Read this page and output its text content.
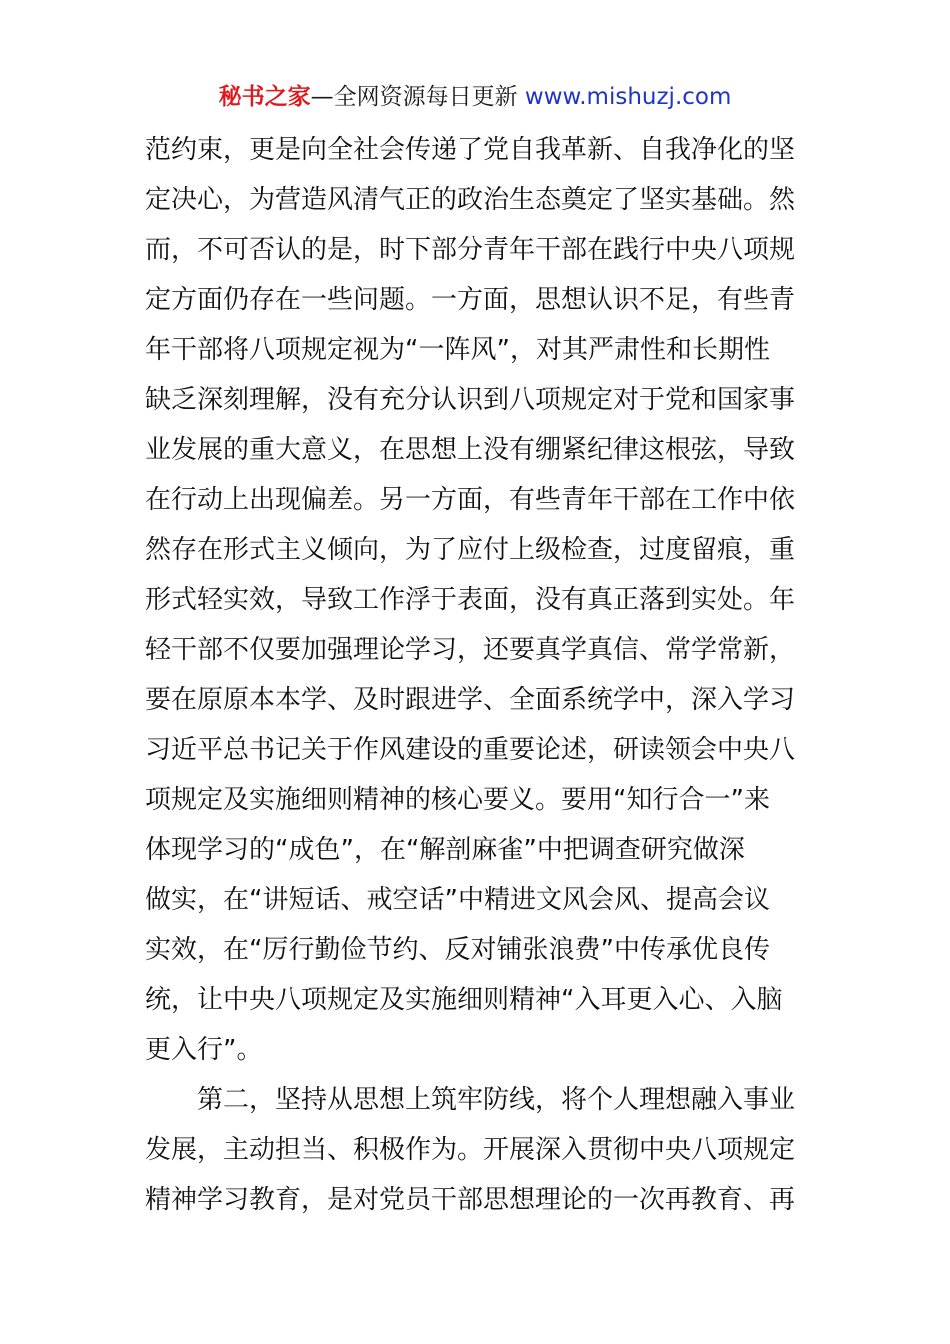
秘书之家—全网资源每日更新 www.mishuzj.com
范约束，更是向全社会传递了党自我革新、自我净化的坚
定决心，为营造风清气正的政治生态奠定了坚实基础。然
而，不可否认的是，时下部分青年干部在践行中央八项规
定方面仍存在一些问题。一方面，思想认识不足，有些青
年干部将八项规定视为“一阵风”，对其严肃性和长期性
缺乏深刻理解，没有充分认识到八项规定对于党和国家事
业发展的重大意义，在思想上没有绷紧纪律这根弦，导致
在行动上出现偏差。另一方面，有些青年干部在工作中依
然存在形式主义倾向，为了应付上级检查，过度留痕，重
形式轻实效，导致工作浮于表面，没有真正落到实处。年
轻干部不仅要加强理论学习，还要真学真信、常学常新，
要在原原本本学、及时跟进学、全面系统学中，深入学习
习近平总书记关于作风建设的重要论述，研读领会中央八
项规定及实施细则精神的核心要义。要用“知行合一”来
体现学习的“成色”，在“解剖麻雀”中把调查研究做深
做实，在“讲短话、戒空话”中精进文风会风、提高会议
实效，在“厉行勤俭节约、反对铺张浪费”中传承优良传
统，让中央八项规定及实施细则精神“入耳更入心、入脑
更入行”。
第二，坚持从思想上筑牢防线，将个人理想融入事业
发展，主动担当、积极作为。开展深入贯彻中央八项规定
精神学习教育，是对党员干部思想理论的一次再教育、再
